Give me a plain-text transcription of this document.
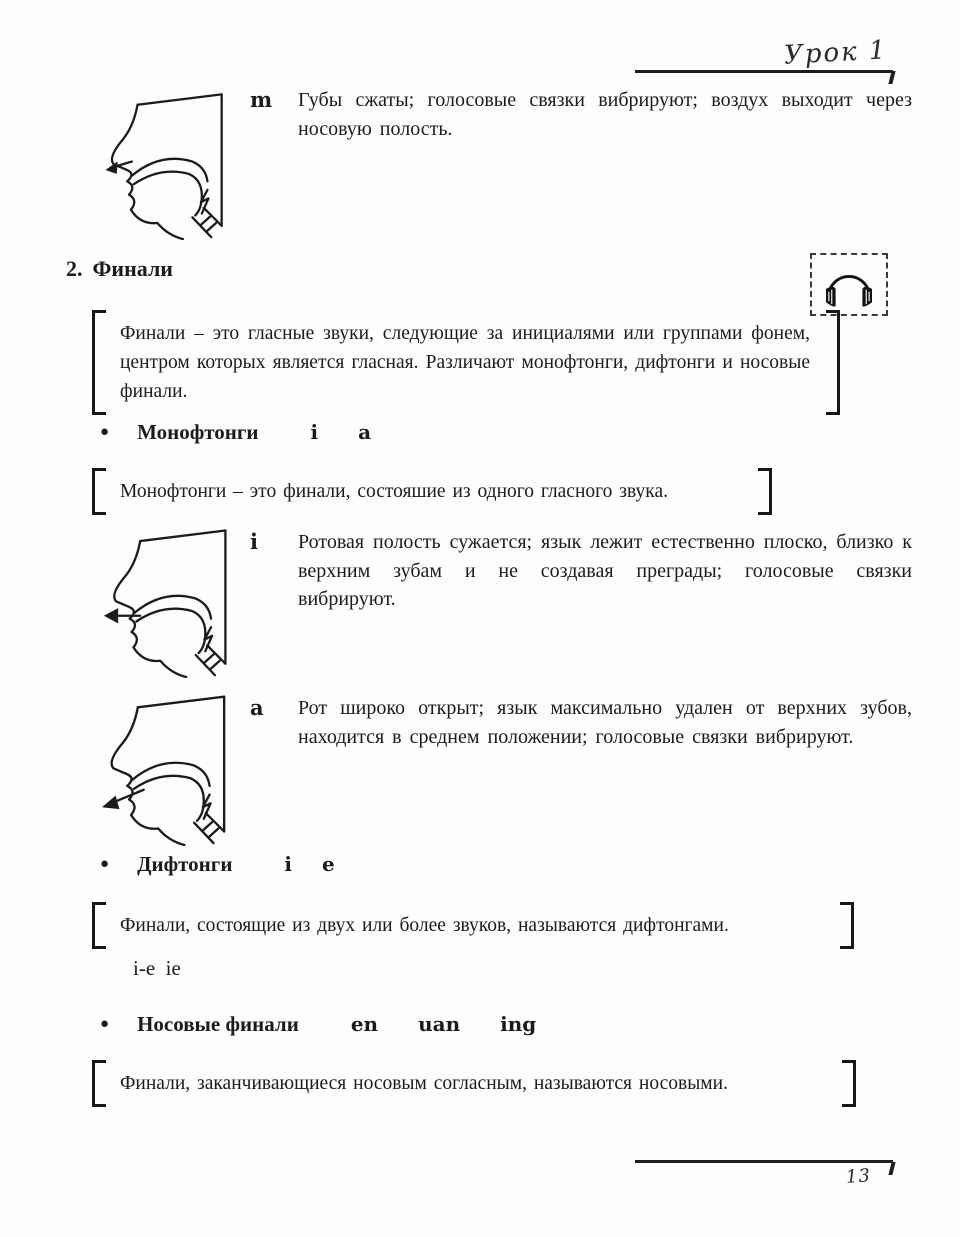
Урок 1
m	Губы сжаты; голосовые связки вибрируют; воздух выходит через носовую полость.
2. Финали
Финали – это гласные звуки, следующие за инициалями или группами фонем, центром которых является гласная. Различают монофтонги, дифтонги и носовые финали.
● Монофтонги	i a
Монофтонги – это финали, состояшие из одного гласного звука.
i	Ротовая полость сужается; язык лежит естественно плоско, близко к верхним зубам и не создавая преграды; голосовые связки вибрируют.
a	Рот широко открыт; язык максимально удален от верхних зубов, находится в среднем положении; голосовые связки вибрируют.
● Дифтонги	i e
Финали, состоящие из двух или более звуков, называются дифтонгами.
i-e  ie
● Носовые финали	en uan ing
Финали, заканчивающиеся носовым согласным, называются носовыми.
13
